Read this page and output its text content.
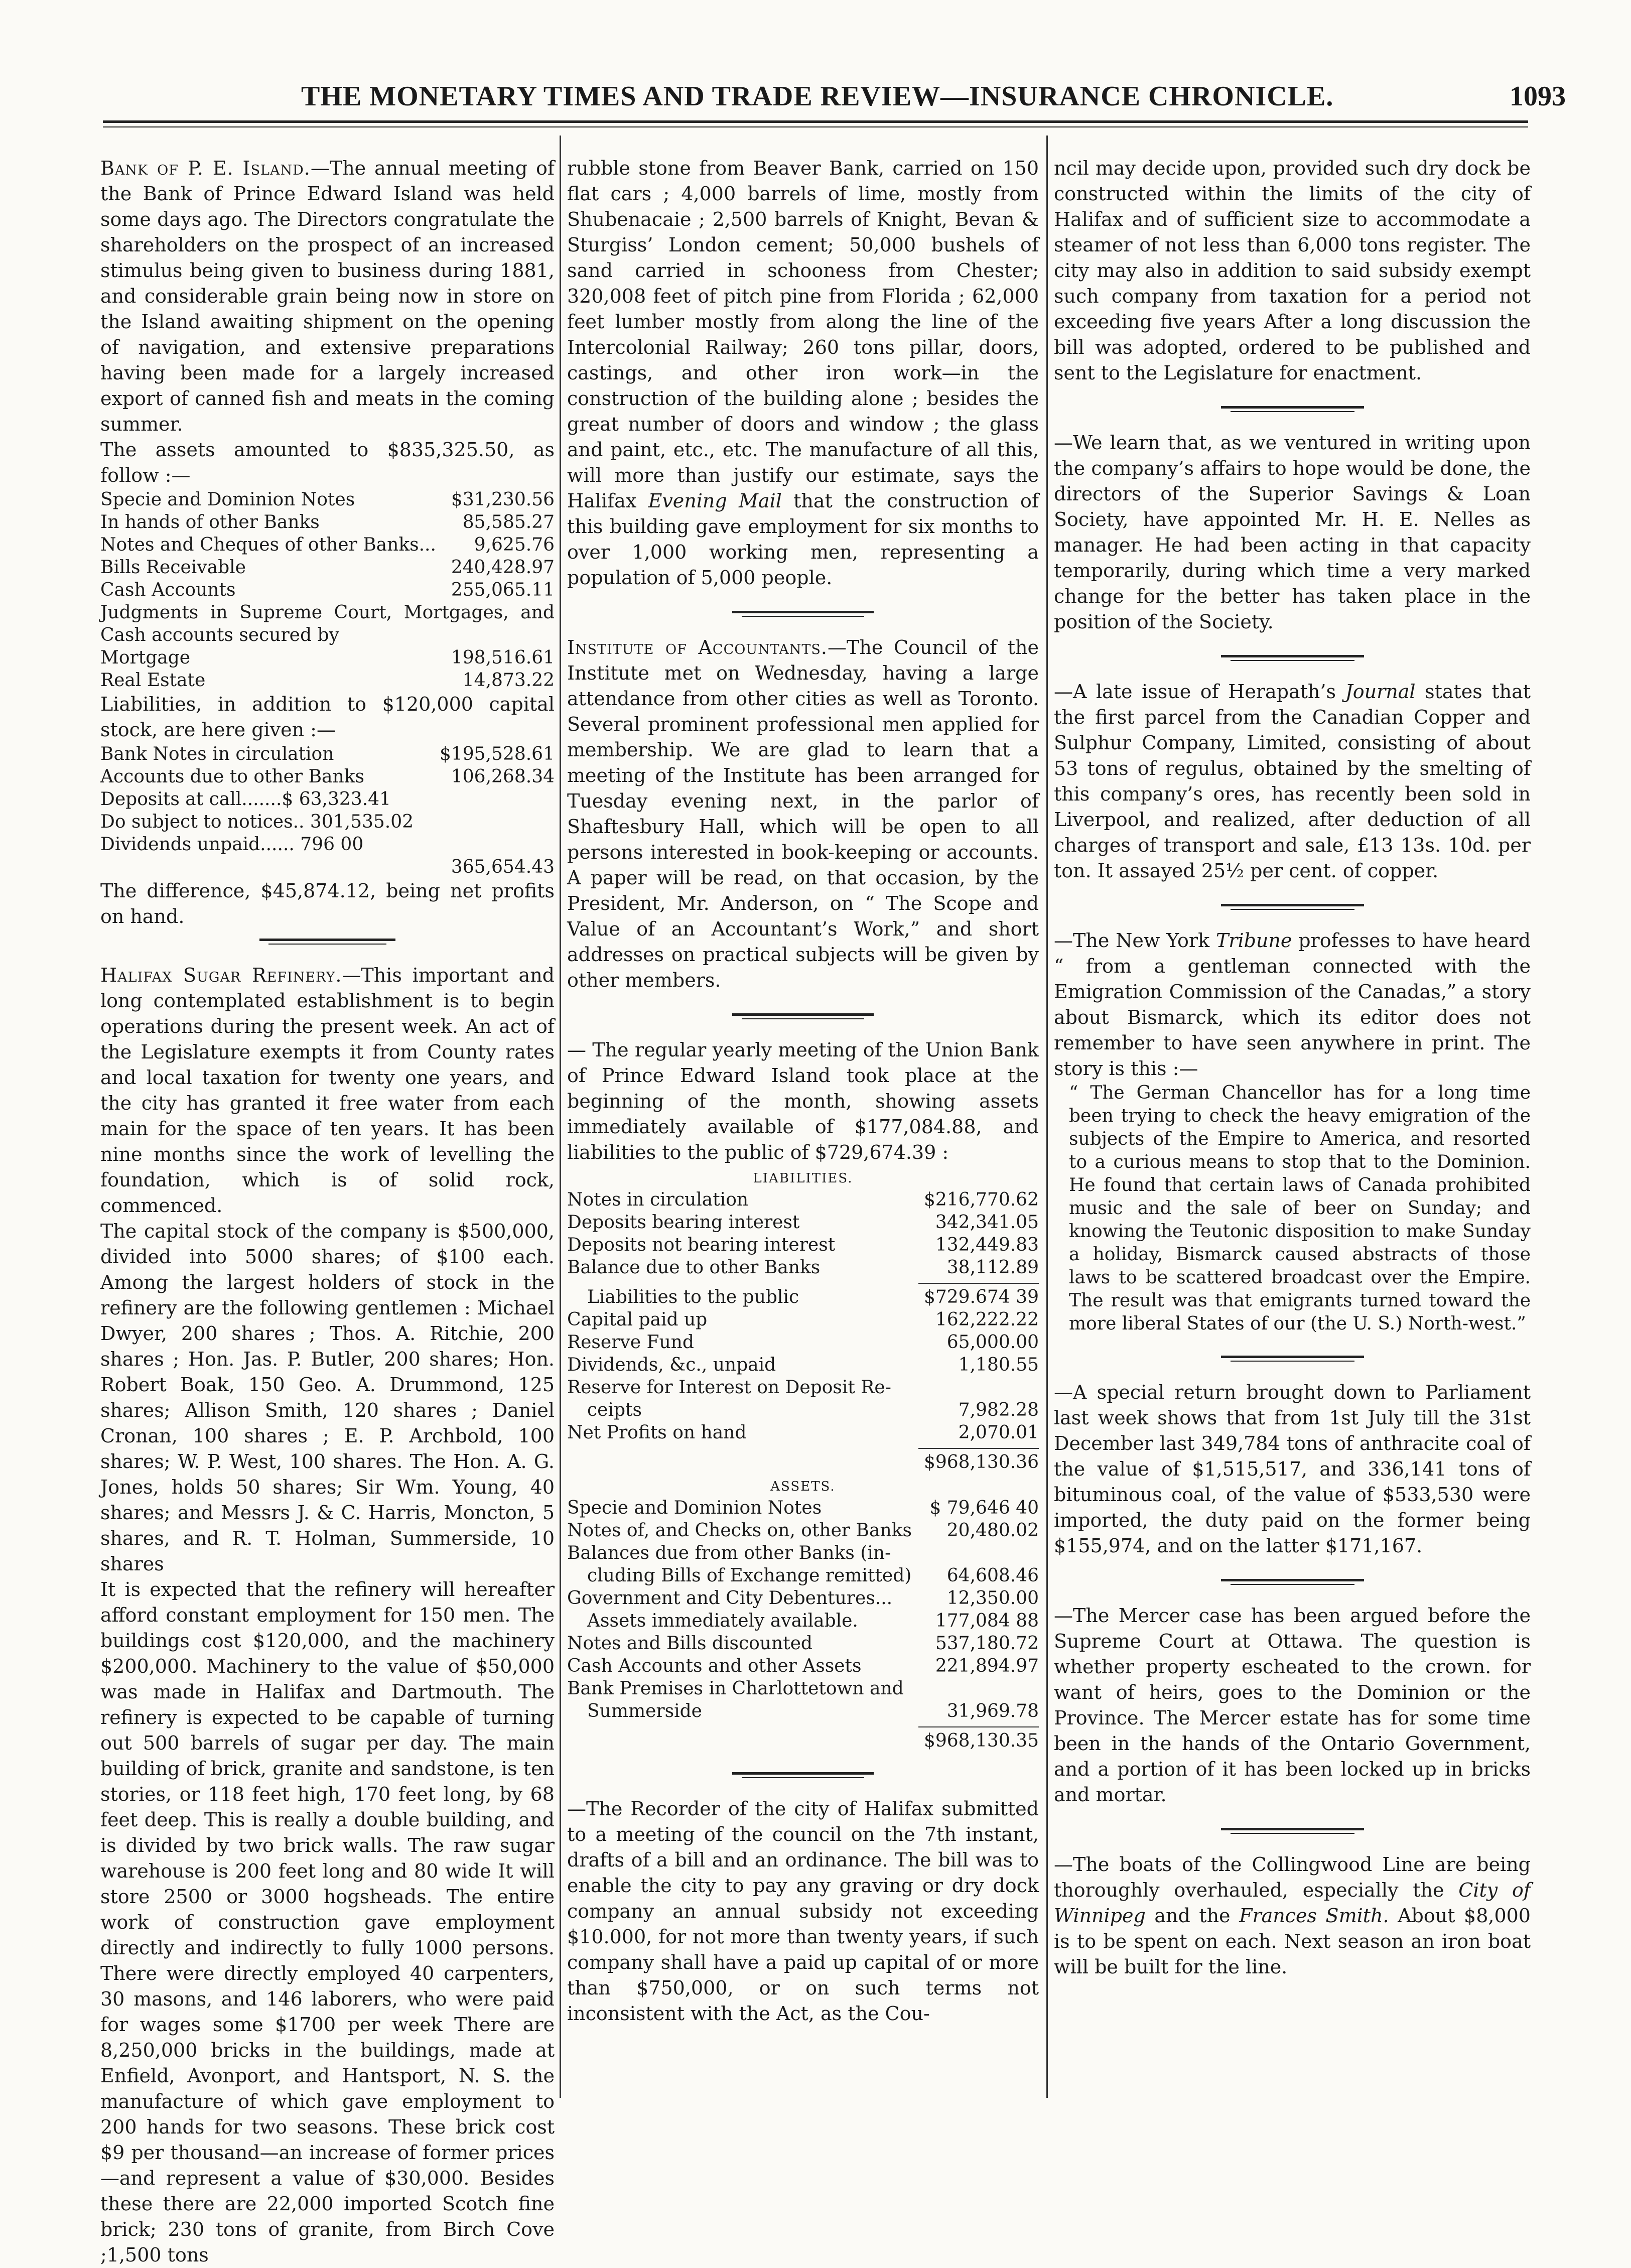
THE MONETARY TIMES AND TRADE REVIEW—INSURANCE CHRONICLE.	1093

Bank of P. E. Island.—The annual meeting of the Bank of Prince Edward Island was held some days ago. The Directors congratulate the shareholders on the prospect of an increased stimulus being given to business during 1881, and considerable grain being now in store on the Island awaiting shipment on the opening of navigation, and extensive preparations having been made for a largely increased export of canned fish and meats in the coming summer.

The assets amounted to $835,325.50, as follow :—

Specie and Dominion Notes	$31,230.56
In hands of other Banks	85,585.27
Notes and Cheques of other Banks... 9,625.76
Bills Receivable	240,428.97
Cash Accounts	255,065.11

Judgments in Supreme Court, Mortgages, and Cash accounts secured by

Mortgage	198,516.61
Real Estate	14,873.22

Liabilities, in addition to $120,000 capital stock, are here given :—

Bank Notes in circulation	$195,528.61
Accounts due to other Banks	106,268.34
Deposits at call.......$ 63,323.41
Do subject to notices.. 301,535.02
Dividends unpaid...... 796 00
365,654.43

The difference, $45,874.12, being net profits on hand.

Halifax Sugar Refinery.—This important and long contemplated establishment is to begin operations during the present week. An act of the Legislature exempts it from County rates and local taxation for twenty one years, and the city has granted it free water from each main for the space of ten years. It has been nine months since the work of levelling the foundation, which is of solid rock, commenced.

The capital stock of the company is $500,000, divided into 5000 shares; of $100 each. Among the largest holders of stock in the refinery are the following gentlemen : Michael Dwyer, 200 shares ; Thos. A. Ritchie, 200 shares ; Hon. Jas. P. Butler, 200 shares; Hon. Robert Boak, 150 Geo. A. Drummond, 125 shares; Allison Smith, 120 shares ; Daniel Cronan, 100 shares ; E. P. Archbold, 100 shares; W. P. West, 100 shares. The Hon. A. G. Jones, holds 50 shares; Sir Wm. Young, 40 shares; and Messrs J. & C. Harris, Moncton, 5 shares, and R. T. Holman, Summerside, 10 shares

It is expected that the refinery will hereafter afford constant employment for 150 men. The buildings cost $120,000, and the machinery $200,000. Machinery to the value of $50,000 was made in Halifax and Dartmouth. The refinery is expected to be capable of turning out 500 barrels of sugar per day. The main building of brick, granite and sandstone, is ten stories, or 118 feet high, 170 feet long, by 68 feet deep. This is really a double building, and is divided by two brick walls. The raw sugar warehouse is 200 feet long and 80 wide It will store 2500 or 3000 hogsheads. The entire work of construction gave employment directly and indirectly to fully 1000 persons. There were directly employed 40 carpenters, 30 masons, and 146 laborers, who were paid for wages some $1700 per week There are 8,250,000 bricks in the buildings, made at Enfield, Avonport, and Hantsport, N. S. the manufacture of which gave employment to 200 hands for two seasons. These brick cost $9 per thousand—an increase of former prices—and represent a value of $30,000. Besides these there are 22,000 imported Scotch fine brick; 230 tons of granite, from Birch Cove ;1,500 tons

rubble stone from Beaver Bank, carried on 150 flat cars ; 4,000 barrels of lime, mostly from Shubenacaie ; 2,500 barrels of Knight, Bevan & Sturgiss’ London cement; 50,000 bushels of sand carried in schooness from Chester; 320,008 feet of pitch pine from Florida ; 62,000 feet lumber mostly from along the line of the Intercolonial Railway; 260 tons pillar, doors, castings, and other iron work—in the construction of the building alone ; besides the great number of doors and window ; the glass and paint, etc., etc. The manufacture of all this, will more than justify our estimate, says the Halifax Evening Mail that the construction of this building gave employment for six months to over 1,000 working men, representing a population of 5,000 people.

Institute of Accountants.—The Council of the Institute met on Wednesday, having a large attendance from other cities as well as Toronto. Several prominent professional men applied for membership. We are glad to learn that a meeting of the Institute has been arranged for Tuesday evening next, in the parlor of Shaftesbury Hall, which will be open to all persons interested in book-keeping or accounts. A paper will be read, on that occasion, by the President, Mr. Anderson, on “ The Scope and Value of an Accountant’s Work,” and short addresses on practical subjects will be given by other members.

— The regular yearly meeting of the Union Bank of Prince Edward Island took place at the beginning of the month, showing assets immediately available of $177,084.88, and liabilities to the public of $729,674.39 :

LIABILITIES.
Notes in circulation	$216,770.62
Deposits bearing interest	342,341.05
Deposits not bearing interest	132,449.83
Balance due to other Banks	38,112.89
Liabilities to the public	$729.674 39
Capital paid up	162,222.22
Reserve Fund	65,000.00
Dividends, &c., unpaid	1,180.55
Reserve for Interest on Deposit Re-
ceipts	7,982.28
Net Profits on hand	2,070.01
$968,130.36
ASSETS.
Specie and Dominion Notes	$ 79,646 40
Notes of, and Checks on, other Banks 20,480.02
Balances due from other Banks (in-
cluding Bills of Exchange remitted) 64,608.46
Government and City Debentures...	12,350.00
Assets immediately available.	177,084 88
Notes and Bills discounted	537,180.72
Cash Accounts and other Assets	221,894.97
Bank Premises in Charlottetown and
Summerside	31,969.78
$968,130.35

—The Recorder of the city of Halifax submitted to a meeting of the council on the 7th instant, drafts of a bill and an ordinance. The bill was to enable the city to pay any graving or dry dock company an annual subsidy not exceeding $10.000, for not more than twenty years, if such company shall have a paid up capital of or more than $750,000, or on such terms not inconsistent with the Act, as the Cou-

ncil may decide upon, provided such dry dock be constructed within the limits of the city of Halifax and of sufficient size to accommodate a steamer of not less than 6,000 tons register. The city may also in addition to said subsidy exempt such company from taxation for a period not exceeding five years After a long discussion the bill was adopted, ordered to be published and sent to the Legislature for enactment.

—We learn that, as we ventured in writing upon the company’s affairs to hope would be done, the directors of the Superior Savings & Loan Society, have appointed Mr. H. E. Nelles as manager. He had been acting in that capacity temporarily, during which time a very marked change for the better has taken place in the position of the Society.

—A late issue of Herapath’s Journal states that the first parcel from the Canadian Copper and Sulphur Company, Limited, consisting of about 53 tons of regulus, obtained by the smelting of this company’s ores, has recently been sold in Liverpool, and realized, after deduction of all charges of transport and sale, £13 13s. 10d. per ton. It assayed 25½ per cent. of copper.

—The New York Tribune professes to have heard “ from a gentleman connected with the Emigration Commission of the Canadas,” a story about Bismarck, which its editor does not remember to have seen anywhere in print. The story is this :—

“ The German Chancellor has for a long time been trying to check the heavy emigration of the subjects of the Empire to America, and resorted to a curious means to stop that to the Dominion. He found that certain laws of Canada prohibited music and the sale of beer on Sunday; and knowing the Teutonic disposition to make Sunday a holiday, Bismarck caused abstracts of those laws to be scattered broadcast over the Empire. The result was that emigrants turned toward the more liberal States of our (the U. S.) North-west.”

—A special return brought down to Parliament last week shows that from 1st July till the 31st December last 349,784 tons of anthracite coal of the value of $1,515,517, and 336,141 tons of bituminous coal, of the value of $533,530 were imported, the duty paid on the former being $155,974, and on the latter $171,167.

—The Mercer case has been argued before the Supreme Court at Ottawa. The question is whether property escheated to the crown. for want of heirs, goes to the Dominion or the Province. The Mercer estate has for some time been in the hands of the Ontario Government, and a portion of it has been locked up in bricks and mortar.

—The boats of the Collingwood Line are being thoroughly overhauled, especially the City of Winnipeg and the Frances Smith. About $8,000 is to be spent on each. Next season an iron boat will be built for the line.
